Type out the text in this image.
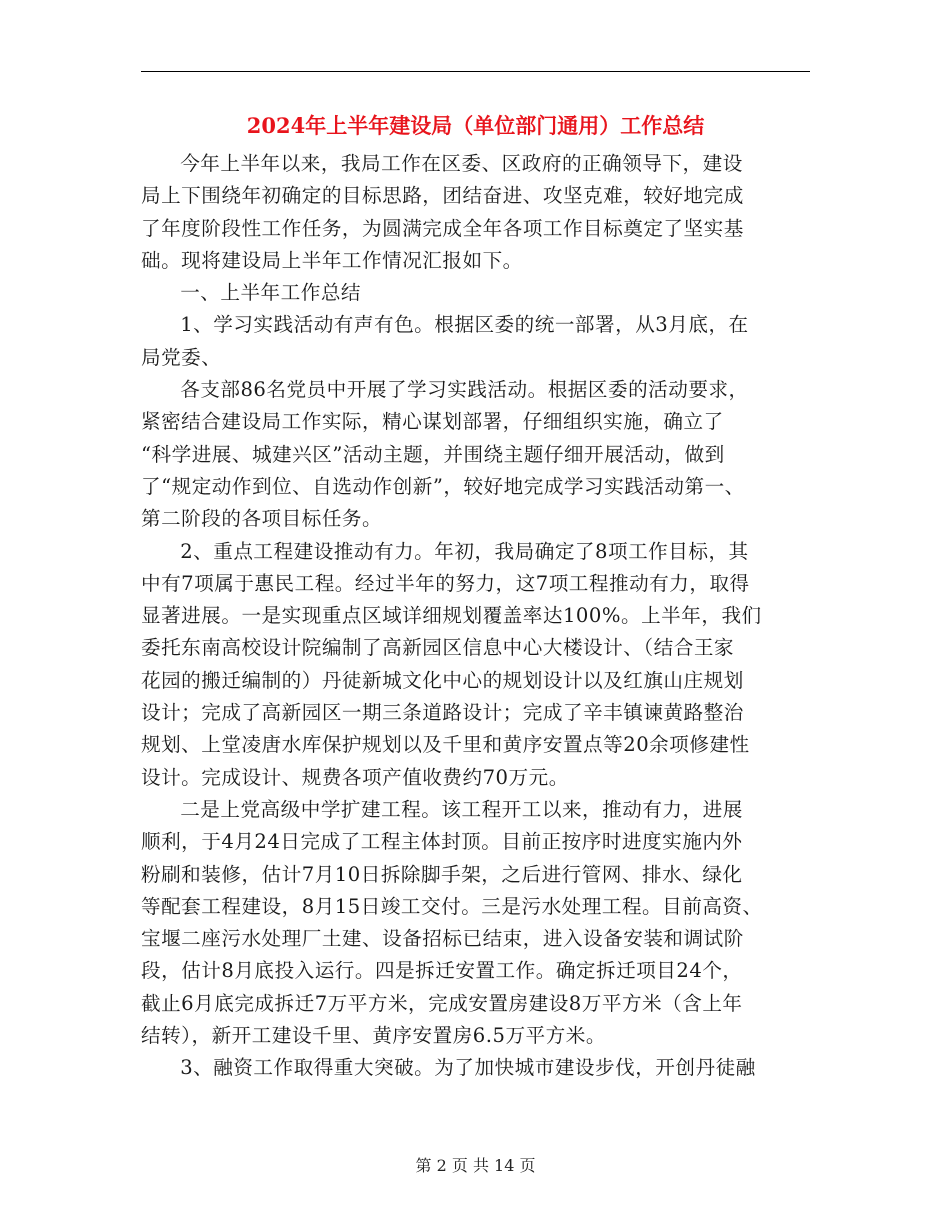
2024年上半年建设局（单位部门通用）工作总结

今年上半年以来，我局工作在区委、区政府的正确领导下，建设
局上下围绕年初确定的目标思路，团结奋进、攻坚克难，较好地完成
了年度阶段性工作任务，为圆满完成全年各项工作目标奠定了坚实基
础。现将建设局上半年工作情况汇报如下。

一、上半年工作总结

1、学习实践活动有声有色。根据区委的统一部署，从3月底，在
局党委、

各支部86名党员中开展了学习实践活动。根据区委的活动要求，
紧密结合建设局工作实际，精心谋划部署，仔细组织实施，确立了
“科学进展、城建兴区”活动主题，并围绕主题仔细开展活动，做到
了“规定动作到位、自选动作创新”，较好地完成学习实践活动第一、
第二阶段的各项目标任务。

2、重点工程建设推动有力。年初，我局确定了8项工作目标，其
中有7项属于惠民工程。经过半年的努力，这7项工程推动有力，取得
显著进展。一是实现重点区域详细规划覆盖率达100%。上半年，我们
委托东南高校设计院编制了高新园区信息中心大楼设计、（结合王家
花园的搬迁编制的）丹徒新城文化中心的规划设计以及红旗山庄规划
设计；完成了高新园区一期三条道路设计；完成了辛丰镇谏黄路整治
规划、上堂凌唐水库保护规划以及千里和黄序安置点等20余项修建性
设计。完成设计、规费各项产值收费约70万元。

二是上党高级中学扩建工程。该工程开工以来，推动有力，进展
顺利，于4月24日完成了工程主体封顶。目前正按序时进度实施内外
粉刷和装修，估计7月10日拆除脚手架，之后进行管网、排水、绿化
等配套工程建设，8月15日竣工交付。三是污水处理工程。目前高资、
宝堰二座污水处理厂土建、设备招标已结束，进入设备安装和调试阶
段，估计8月底投入运行。四是拆迁安置工作。确定拆迁项目24个，
截止6月底完成拆迁7万平方米，完成安置房建设8万平方米（含上年
结转），新开工建设千里、黄序安置房6.5万平方米。

3、融资工作取得重大突破。为了加快城市建设步伐，开创丹徒融

第 2 页 共 14 页
